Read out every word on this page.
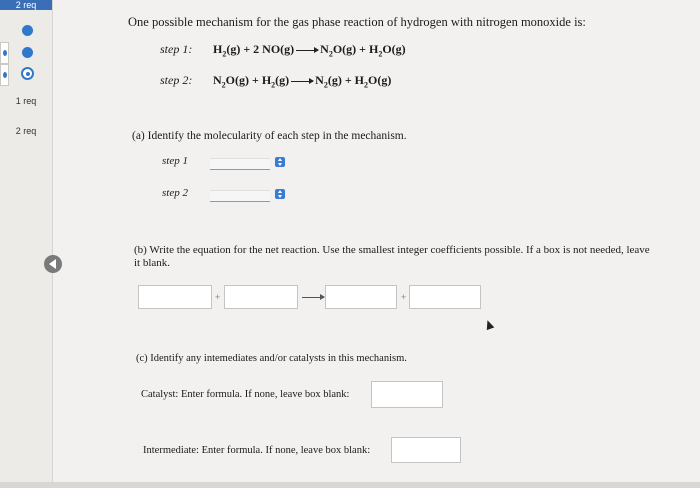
2 req
1 req
2 req
One possible mechanism for the gas phase reaction of hydrogen with nitrogen monoxide is:
step 1: $H_2(g) + 2$ $NO(g) \to N_2O(g) + H_2O(g)$
step 2: $N_2O(g) + H_2(g) \to N_2(g) + H_2O(g)$
(a) Identify the molecularity of each step in the mechanism.
step 1
step 2
(b) Write the equation for the net reaction. Use the smallest integer coefficients possible. If a box is not needed, leave it blank.
+	+
(c) Identify any intemediates and/or catalysts in this mechanism.
Catalyst: Enter formula. If none, leave box blank:
Intermediate: Enter formula. If none, leave box blank:
